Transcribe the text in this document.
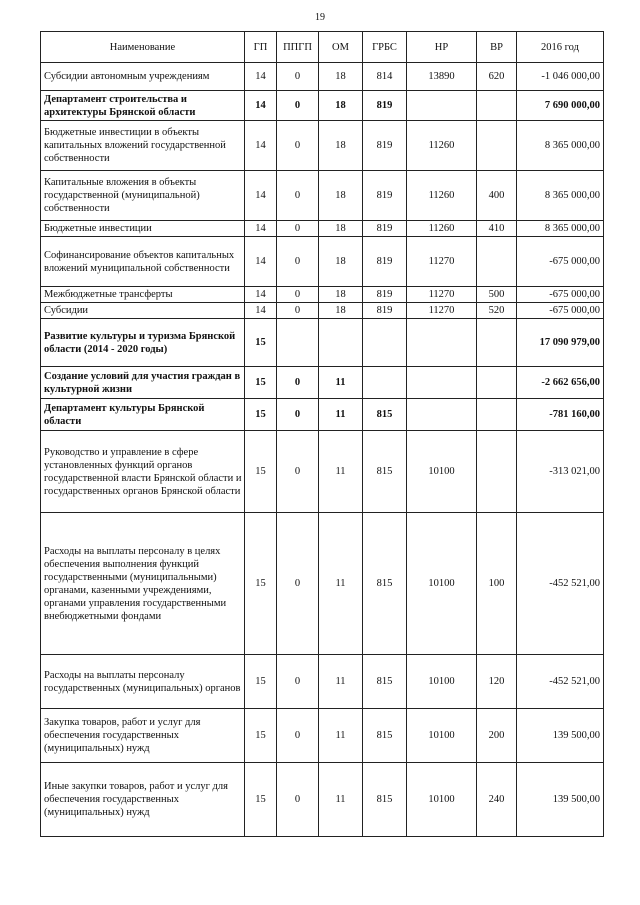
19
Наименование	ГП	ППГП	ОМ	ГРБС	НР	ВР	2016 год
Субсидии автономным учреждениям	14	0	18	814	13890	620	-1 046 000,00
Департамент строительства и архитектуры Брянской области	14	0	18	819			7 690 000,00
Бюджетные инвестиции в объекты капитальных вложений государственной собственности	14	0	18	819	11260		8 365 000,00
Капитальные вложения в объекты государственной (муниципальной) собственности	14	0	18	819	11260	400	8 365 000,00
Бюджетные инвестиции	14	0	18	819	11260	410	8 365 000,00
Софинансирование объектов капитальных вложений муниципальной собственности	14	0	18	819	11270		-675 000,00
Межбюджетные трансферты	14	0	18	819	11270	500	-675 000,00
Субсидии	14	0	18	819	11270	520	-675 000,00
Развитие культуры и туризма Брянской области (2014 - 2020 годы)	15						17 090 979,00
Создание условий для участия граждан в культурной жизни	15	0	11				-2 662 656,00
Департамент культуры Брянской области	15	0	11	815			-781 160,00
Руководство и управление в сфере установленных функций органов государственной власти Брянской области и государственных органов Брянской области	15	0	11	815	10100		-313 021,00
Расходы на выплаты персоналу в целях обеспечения выполнения функций государственными (муниципальными) органами, казенными учреждениями, органами управления государственными внебюджетными фондами	15	0	11	815	10100	100	-452 521,00
Расходы на выплаты персоналу государственных (муниципальных) органов	15	0	11	815	10100	120	-452 521,00
Закупка товаров, работ и услуг для обеспечения государственных (муниципальных) нужд	15	0	11	815	10100	200	139 500,00
Иные закупки товаров, работ и услуг для обеспечения государственных (муниципальных) нужд	15	0	11	815	10100	240	139 500,00
